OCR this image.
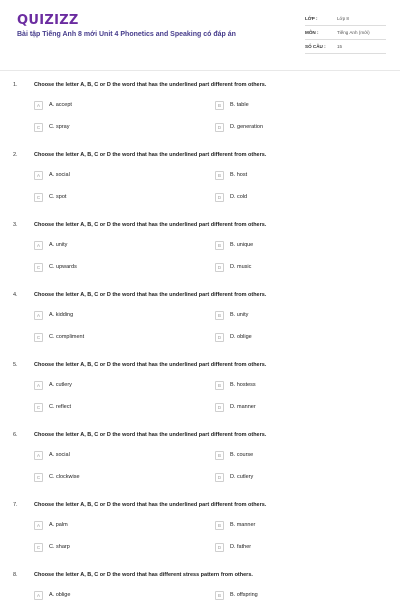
QUIZIZZ
Bài tập Tiếng Anh 8 mới Unit 4 Phonetics and Speaking có đáp án
LỚP :	Lớp 8
MÔN :	Tiếng Anh (mới)
SỐ CÂU :	15
1.	Choose the letter A, B, C or D the word that has the underlined part different from others.
A	A. accept	B	B. table
C	C. spray	D	D. generation
2.	Choose the letter A, B, C or D the word that has the underlined part different from others.
A	A. social	B	B. host
C	C. spot	D	D. cold
3.	Choose the letter A, B, C or D the word that has the underlined part different from others.
A	A. unity	B	B. unique
C	C. upwards	D	D. music
4.	Choose the letter A, B, C or D the word that has the underlined part different from others.
A	A. kidding	B	B. unity
C	C. compliment	D	D. oblige
5.	Choose the letter A, B, C or D the word that has the underlined part different from others.
A	A. cutlery	B	B. hostess
C	C. reflect	D	D. manner
6.	Choose the letter A, B, C or D the word that has the underlined part different from others.
A	A. social	B	B. course
C	C. clockwise	D	D. cutlery
7.	Choose the letter A, B, C or D the word that has the underlined part different from others.
A	A. palm	B	B. manner
C	C. sharp	D	D. father
8.	Choose the letter A, B, C or D the word that has different stress pattern from others.
A	A. oblige	B	B. offspring
